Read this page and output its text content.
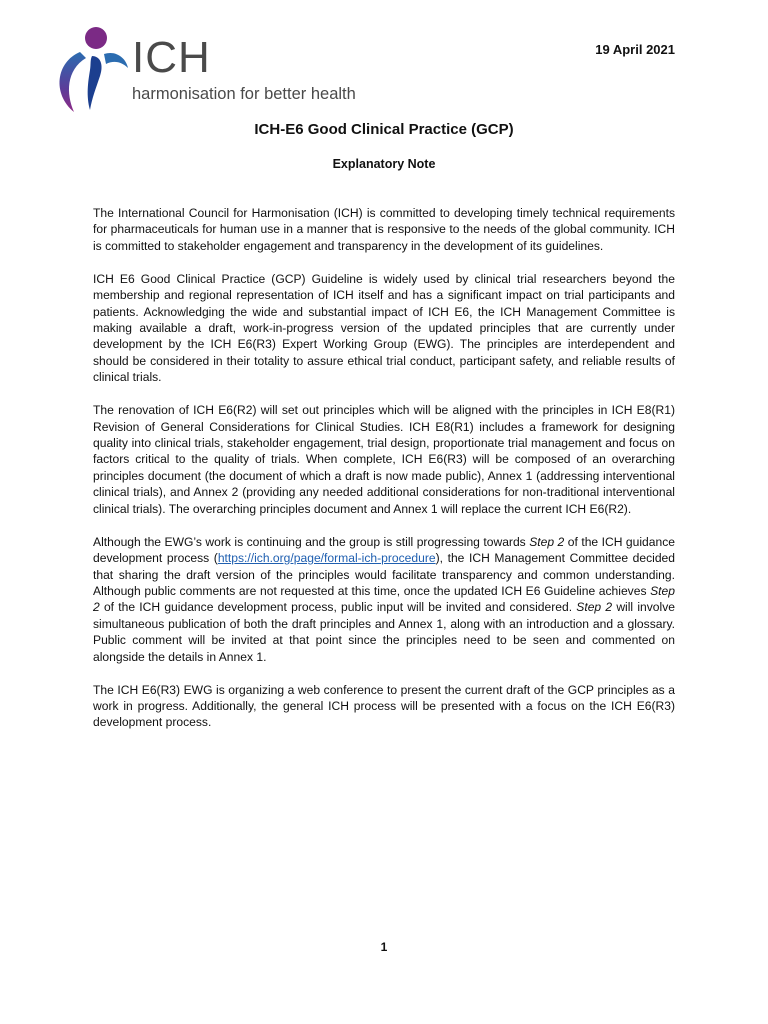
ICH
harmonisation for better health
19 April 2021
ICH-E6 Good Clinical Practice (GCP)
Explanatory Note

The International Council for Harmonisation (ICH) is committed to developing timely technical requirements for pharmaceuticals for human use in a manner that is responsive to the needs of the global community. ICH is committed to stakeholder engagement and transparency in the development of its guidelines.

ICH E6 Good Clinical Practice (GCP) Guideline is widely used by clinical trial researchers beyond the membership and regional representation of ICH itself and has a significant impact on trial participants and patients. Acknowledging the wide and substantial impact of ICH E6, the ICH Management Committee is making available a draft, work-in-progress version of the updated principles that are currently under development by the ICH E6(R3) Expert Working Group (EWG). The principles are interdependent and should be considered in their totality to assure ethical trial conduct, participant safety, and reliable results of clinical trials.

The renovation of ICH E6(R2) will set out principles which will be aligned with the principles in ICH E8(R1) Revision of General Considerations for Clinical Studies. ICH E8(R1) includes a framework for designing quality into clinical trials, stakeholder engagement, trial design, proportionate trial management and focus on factors critical to the quality of trials. When complete, ICH E6(R3) will be composed of an overarching principles document (the document of which a draft is now made public), Annex 1 (addressing interventional clinical trials), and Annex 2 (providing any needed additional considerations for non-traditional interventional clinical trials). The overarching principles document and Annex 1 will replace the current ICH E6(R2).

Although the EWG’s work is continuing and the group is still progressing towards Step 2 of the ICH guidance development process (https://ich.org/page/formal-ich-procedure), the ICH Management Committee decided that sharing the draft version of the principles would facilitate transparency and common understanding. Although public comments are not requested at this time, once the updated ICH E6 Guideline achieves Step 2 of the ICH guidance development process, public input will be invited and considered. Step 2 will involve simultaneous publication of both the draft principles and Annex 1, along with an introduction and a glossary. Public comment will be invited at that point since the principles need to be seen and commented on alongside the details in Annex 1.

The ICH E6(R3) EWG is organizing a web conference to present the current draft of the GCP principles as a work in progress. Additionally, the general ICH process will be presented with a focus on the ICH E6(R3) development process.

1
